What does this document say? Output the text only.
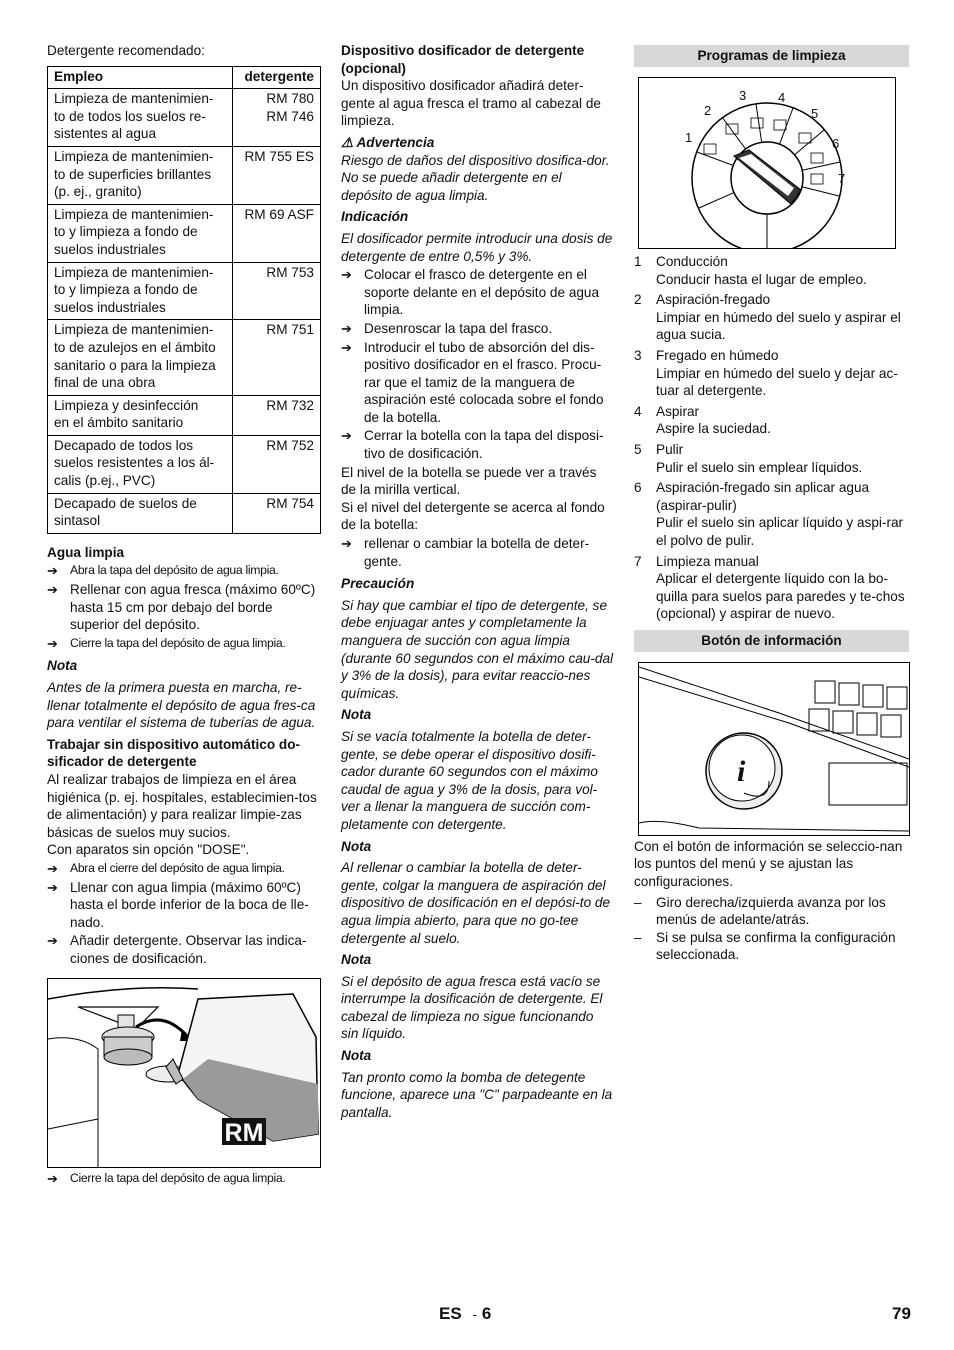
Detergente recomendado:

Empleo	detergente
Limpieza de mantenimien-
to de todos los suelos re-
sistentes al agua	RM 780
RM 746
Limpieza de mantenimien-
to de superficies brillantes
(p. ej., granito)	RM 755 ES
Limpieza de mantenimien-
to y limpieza a fondo de
suelos industriales	RM 69 ASF
Limpieza de mantenimien-
to y limpieza a fondo de
suelos industriales	RM 753
Limpieza de mantenimien-
to de azulejos en el ámbito
sanitario o para la limpieza
final de una obra	RM 751
Limpieza y desinfección
en el ámbito sanitario	RM 732
Decapado de todos los
suelos resistentes a los ál-
calis (p.ej., PVC)	RM 752
Decapado de suelos de
sintasol	RM 754

Agua limpia

➔ Abra la tapa del depósito de agua limpia.
➔ Rellenar con agua fresca (máximo 60ºC) hasta 15 cm por debajo del borde superior del depósito.
➔ Cierre la tapa del depósito de agua limpia.

Nota

Antes de la primera puesta en marcha, re-llenar totalmente el depósito de agua fres-ca para ventilar el sistema de tuberías de agua.

Trabajar sin dispositivo automático do-sificador de detergente

Al realizar trabajos de limpieza en el área higiénica (p. ej. hospitales, establecimien-tos de alimentación) y para realizar limpie-zas básicas de suelos muy sucios.

Con aparatos sin opción "DOSE".

➔ Abra el cierre del depósito de agua limpia.
➔ Llenar con agua limpia (máximo 60ºC) hasta el borde inferior de la boca de lle-nado.
➔ Añadir detergente. Observar las indica-ciones de dosificación.
RM
➔ Cierre la tapa del depósito de agua limpia.

Dispositivo dosificador de detergente (opcional)

Un dispositivo dosificador añadirá deter-gente al agua fresca el tramo al cabezal de limpieza.

⚠ Advertencia

Riesgo de daños del dispositivo dosifica-dor. No se puede añadir detergente en el depósito de agua limpia.

Indicación

El dosificador permite introducir una dosis de detergente de entre 0,5% y 3%.

➔ Colocar el frasco de detergente en el soporte delante en el depósito de agua limpia.
➔ Desenroscar la tapa del frasco.
➔ Introducir el tubo de absorción del dis-positivo dosificador en el frasco. Procu-rar que el tamiz de la manguera de aspiración esté colocada sobre el fondo de la botella.
➔ Cerrar la botella con la tapa del disposi-tivo de dosificación.

El nivel de la botella se puede ver a través de la mirilla vertical.

Si el nivel del detergente se acerca al fondo de la botella:

➔ rellenar o cambiar la botella de deter-gente.

Precaución

Si hay que cambiar el tipo de detergente, se debe enjuagar antes y completamente la manguera de succión con agua limpia (durante 60 segundos con el máximo cau-dal y 3% de la dosis), para evitar reaccio-nes químicas.

Nota

Si se vacía totalmente la botella de deter-gente, se debe operar el dispositivo dosifi-cador durante 60 segundos con el máximo caudal de agua y 3% de la dosis, para vol-ver a llenar la manguera de succión com-pletamente con detergente.

Nota

Al rellenar o cambiar la botella de deter-gente, colgar la manguera de aspiración del dispositivo de dosificación en el depósi-to de agua limpia abierto, para que no go-tee detergente al suelo.

Nota

Si el depósito de agua fresca está vacío se interrumpe la dosificación de detergente. El cabezal de limpieza no sigue funcionando sin líquido.

Nota

Tan pronto como la bomba de detegente funcione, aparece una "C" parpadeante en la pantalla.

Programas de limpieza
1
2
3 4
5
6
7
1	Conducción
Conducir hasta el lugar de empleo.
2	Aspiración-fregado
Limpiar en húmedo del suelo y aspirar el agua sucia.
3	Fregado en húmedo
Limpiar en húmedo del suelo y dejar ac-tuar al detergente.
4	Aspirar
Aspire la suciedad.
5	Pulir
Pulir el suelo sin emplear líquidos.
6	Aspiración-fregado sin aplicar agua (aspirar-pulir)
Pulir el suelo sin aplicar líquido y aspi-rar el polvo de pulir.
7	Limpieza manual
Aplicar el detergente líquido con la bo-quilla para suelos para paredes y te-chos (opcional) y aspirar de nuevo.
Botón de información
i

Con el botón de información se seleccio-nan los puntos del menú y se ajustan las configuraciones.

–	Giro derecha/izquierda avanza por los menús de adelante/atrás.
–	Si se pulsa se confirma la configuración seleccionada.
ES - 6	79
